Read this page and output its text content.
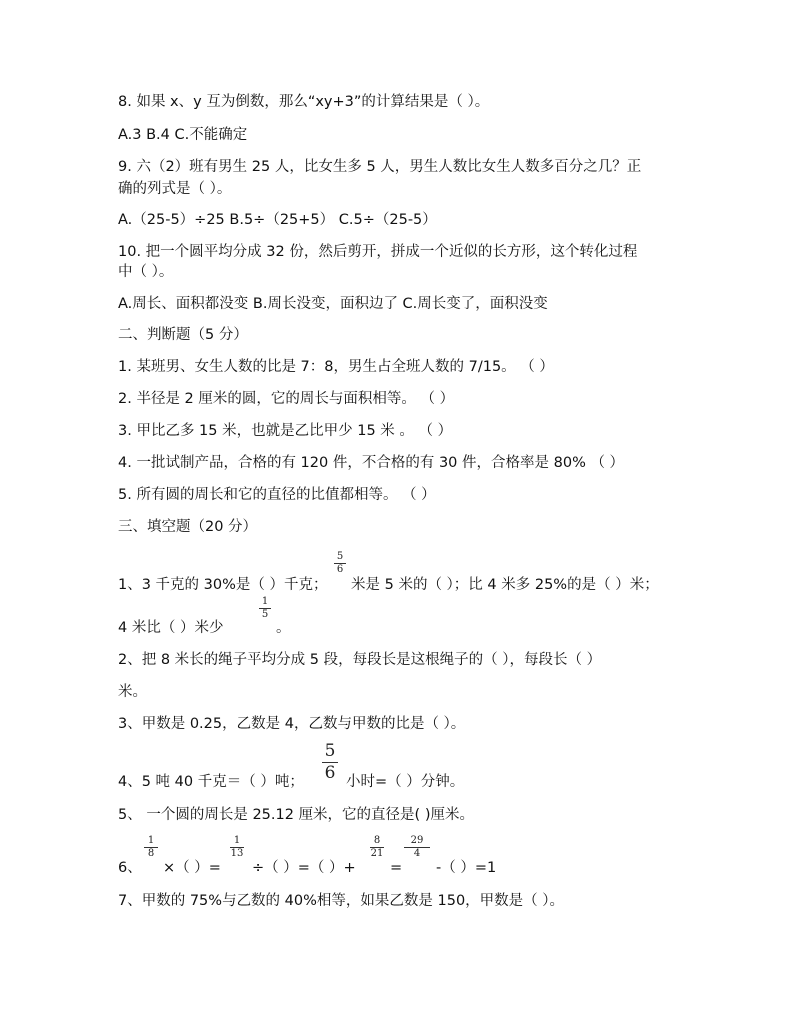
8. 如果 x、y 互为倒数，那么“xy+3”的计算结果是（ ）。
A.3 B.4 C.不能确定
9. 六（2）班有男生 25 人，比女生多 5 人，男生人数比女生人数多百分之几？正
确的列式是（ ）。
A.（25-5）÷25 B.5÷（25+5） C.5÷（25-5）
10. 把一个圆平均分成 32 份，然后剪开，拼成一个近似的长方形，这个转化过程
中（ ）。
A.周长、面积都没变 B.周长没变，面积边了 C.周长变了，面积没变
二、判断题（5 分）
1. 某班男、女生人数的比是 7：8，男生占全班人数的 7/15。 （ ）
2. 半径是 2 厘米的圆，它的周长与面积相等。 （ ）
3. 甲比乙多 15 米，也就是乙比甲少 15 米 。 （ ）
4. 一批试制产品，合格的有 120 件，不合格的有 30 件，合格率是 80% （ ）
5. 所有圆的周长和它的直径的比值都相等。 （ ）
三、填空题（20 分）
1、3 千克的 30%是（ ）千克；
5
6
米是 5 米的（ ）；比 4 米多 25%的是（ ）米；
4 米比（ ）米少
1
5
。
2、把 8 米长的绳子平均分成 5 段，每段长是这根绳子的（ ），每段长（ ）
米。
3、甲数是 0.25，乙数是 4，乙数与甲数的比是（ ）。
4、5 吨 40 千克＝（ ）吨；
5
6 小时=（ ）分钟。
5、 一个圆的周长是 25.12 厘米，它的直径是( )厘米。
6、
1
8
×（ ）=
1
13
÷（ ）=（ ）+
8
21
=
29
4
-（ ）=1
7、甲数的 75%与乙数的 40%相等，如果乙数是 150，甲数是（ ）。
